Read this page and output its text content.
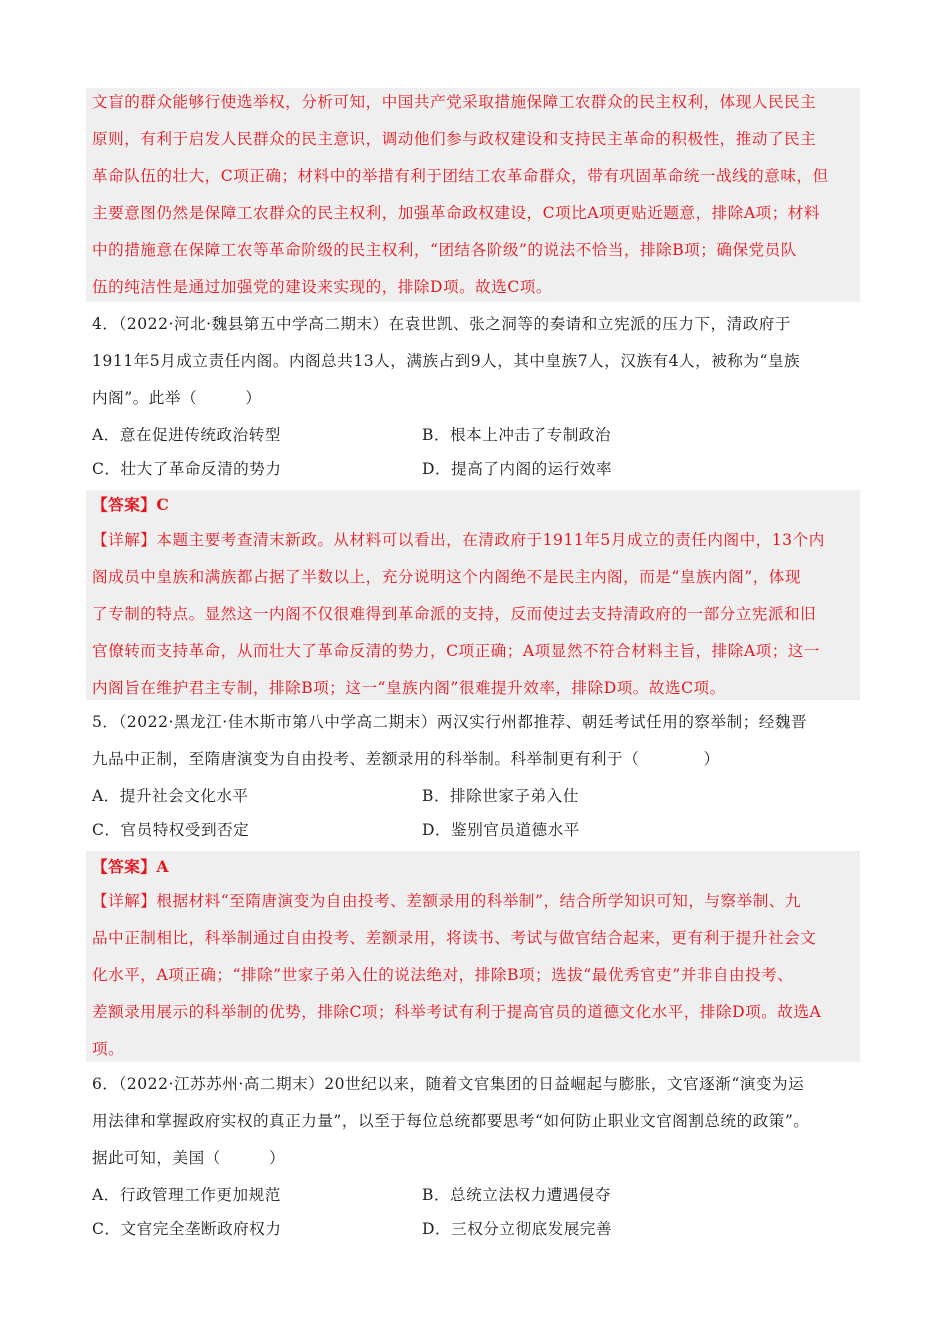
文盲的群众能够行使选举权，分析可知，中国共产党采取措施保障工农群众的民主权利，体现人民民主
原则，有利于启发人民群众的民主意识，调动他们参与政权建设和支持民主革命的积极性，推动了民主
革命队伍的壮大，C项正确；材料中的举措有利于团结工农革命群众，带有巩固革命统一战线的意味，但
主要意图仍然是保障工农群众的民主权利，加强革命政权建设，C项比A项更贴近题意，排除A项；材料
中的措施意在保障工农等革命阶级的民主权利，“团结各阶级”的说法不恰当，排除B项；确保党员队
伍的纯洁性是通过加强党的建设来实现的，排除D项。故选C项。
4．（2022·河北·魏县第五中学高二期末）在袁世凯、张之洞等的奏请和立宪派的压力下，清政府于
1911年5月成立责任内阁。内阁总共13人，满族占到9人，其中皇族7人，汉族有4人，被称为“皇族
内阁”。此举（　　　）
A．意在促进传统政治转型	B．根本上冲击了专制政治
C．壮大了革命反清的势力	D．提高了内阁的运行效率
【答案】C
【详解】本题主要考查清末新政。从材料可以看出，在清政府于1911年5月成立的责任内阁中，13个内
阁成员中皇族和满族都占据了半数以上，充分说明这个内阁绝不是民主内阁，而是“皇族内阁”，体现
了专制的特点。显然这一内阁不仅很难得到革命派的支持，反而使过去支持清政府的一部分立宪派和旧
官僚转而支持革命，从而壮大了革命反清的势力，C项正确；A项显然不符合材料主旨，排除A项；这一
内阁旨在维护君主专制，排除B项；这一“皇族内阁”很难提升效率，排除D项。故选C项。
5．（2022·黑龙江·佳木斯市第八中学高二期末）两汉实行州都推荐、朝廷考试任用的察举制；经魏晋
九品中正制，至隋唐演变为自由投考、差额录用的科举制。科举制更有利于（　　　　）
A．提升社会文化水平	B．排除世家子弟入仕
C．官员特权受到否定	D．鉴别官员道德水平
【答案】A
【详解】根据材料“至隋唐演变为自由投考、差额录用的科举制”，结合所学知识可知，与察举制、九
品中正制相比，科举制通过自由投考、差额录用，将读书、考试与做官结合起来，更有利于提升社会文
化水平，A项正确；“排除”世家子弟入仕的说法绝对，排除B项；选拔“最优秀官吏”并非自由投考、
差额录用展示的科举制的优势，排除C项；科举考试有利于提高官员的道德文化水平，排除D项。故选A
项。
6．（2022·江苏苏州·高二期末）20世纪以来，随着文官集团的日益崛起与膨胀，文官逐渐“演变为运
用法律和掌握政府实权的真正力量”，以至于每位总统都要思考“如何防止职业文官阁割总统的政策”。
据此可知，美国（　　　）
A．行政管理工作更加规范	B．总统立法权力遭遇侵夺
C．文官完全垄断政府权力	D．三权分立彻底发展完善
